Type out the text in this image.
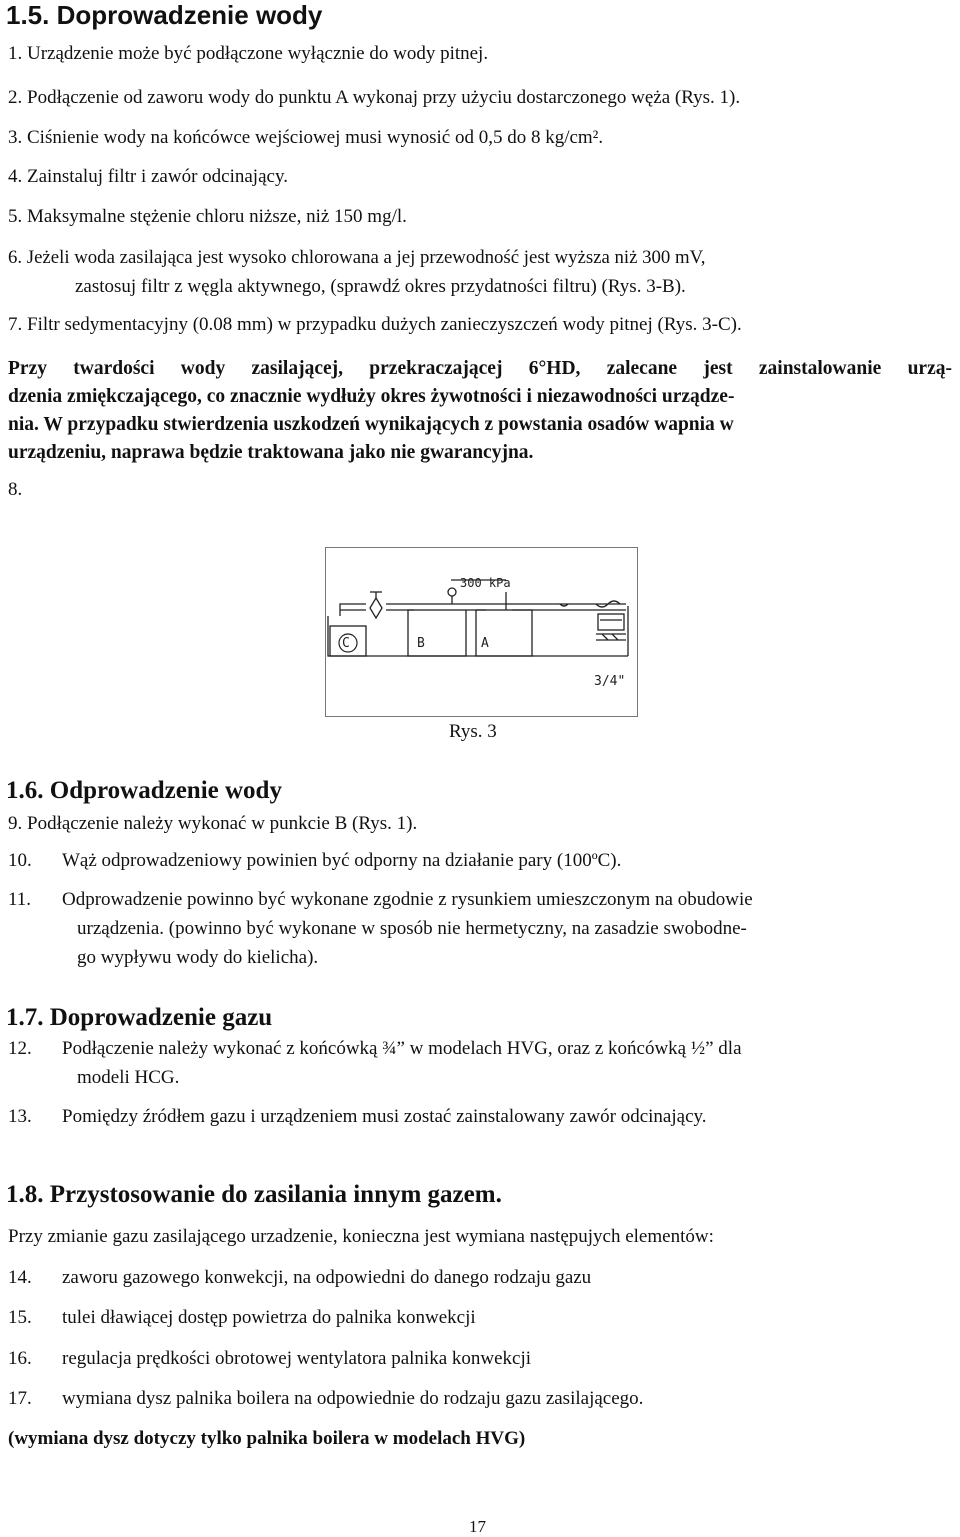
1.5. Doprowadzenie wody
1. Urządzenie może być podłączone wyłącznie do wody pitnej.
2. Podłączenie od zaworu wody do punktu A wykonaj przy użyciu dostarczonego węża (Rys. 1).
3. Ciśnienie wody na końcówce wejściowej musi wynosić od 0,5 do 8 kg/cm².
4. Zainstaluj filtr i zawór odcinający.
5. Maksymalne stężenie chloru niższe, niż 150 mg/l.
6. Jeżeli woda zasilająca jest wysoko chlorowana a jej przewodność jest wyższa niż 300 mV,
zastosuj filtr z węgla aktywnego, (sprawdź okres przydatności filtru) (Rys. 3-B).
7. Filtr sedymentacyjny (0.08 mm) w przypadku dużych zanieczyszczeń wody pitnej (Rys. 3-C).
Przy twardości wody zasilającej, przekraczającej 6°HD, zalecane jest zainstalowanie urzą-
dzenia zmiękczającego, co znacznie wydłuży okres żywotności i niezawodności urządze-
nia. W przypadku stwierdzenia uszkodzeń wynikających z powstania osadów wapnia w
urządzeniu, naprawa będzie traktowana jako nie gwarancyjna.
8.
300 kPa
C	B	A
3/4"
Rys. 3
1.6. Odprowadzenie wody
9. Podłączenie należy wykonać w punkcie B (Rys. 1).
10. Wąż odprowadzeniowy powinien być odporny na działanie pary (100ºC).
11. Odprowadzenie powinno być wykonane zgodnie z rysunkiem umieszczonym na obudowie
urządzenia. (powinno być wykonane w sposób nie hermetyczny, na zasadzie swobodne-
go wypływu wody do kielicha).
1.7. Doprowadzenie gazu
12. Podłączenie należy wykonać z końcówką ¾” w modelach HVG, oraz z końcówką ½” dla
modeli HCG.
13. Pomiędzy źródłem gazu i urządzeniem musi zostać zainstalowany zawór odcinający.
1.8. Przystosowanie do zasilania innym gazem.
Przy zmianie gazu zasilającego urzadzenie, konieczna jest wymiana następujych elementów:
14. zaworu gazowego konwekcji, na odpowiedni do danego rodzaju gazu
15. tulei dławiącej dostęp powietrza do palnika konwekcji
16. regulacja prędkości obrotowej wentylatora palnika konwekcji
17. wymiana dysz palnika boilera na odpowiednie do rodzaju gazu zasilającego.
(wymiana dysz dotyczy tylko palnika boilera w modelach HVG)
17
